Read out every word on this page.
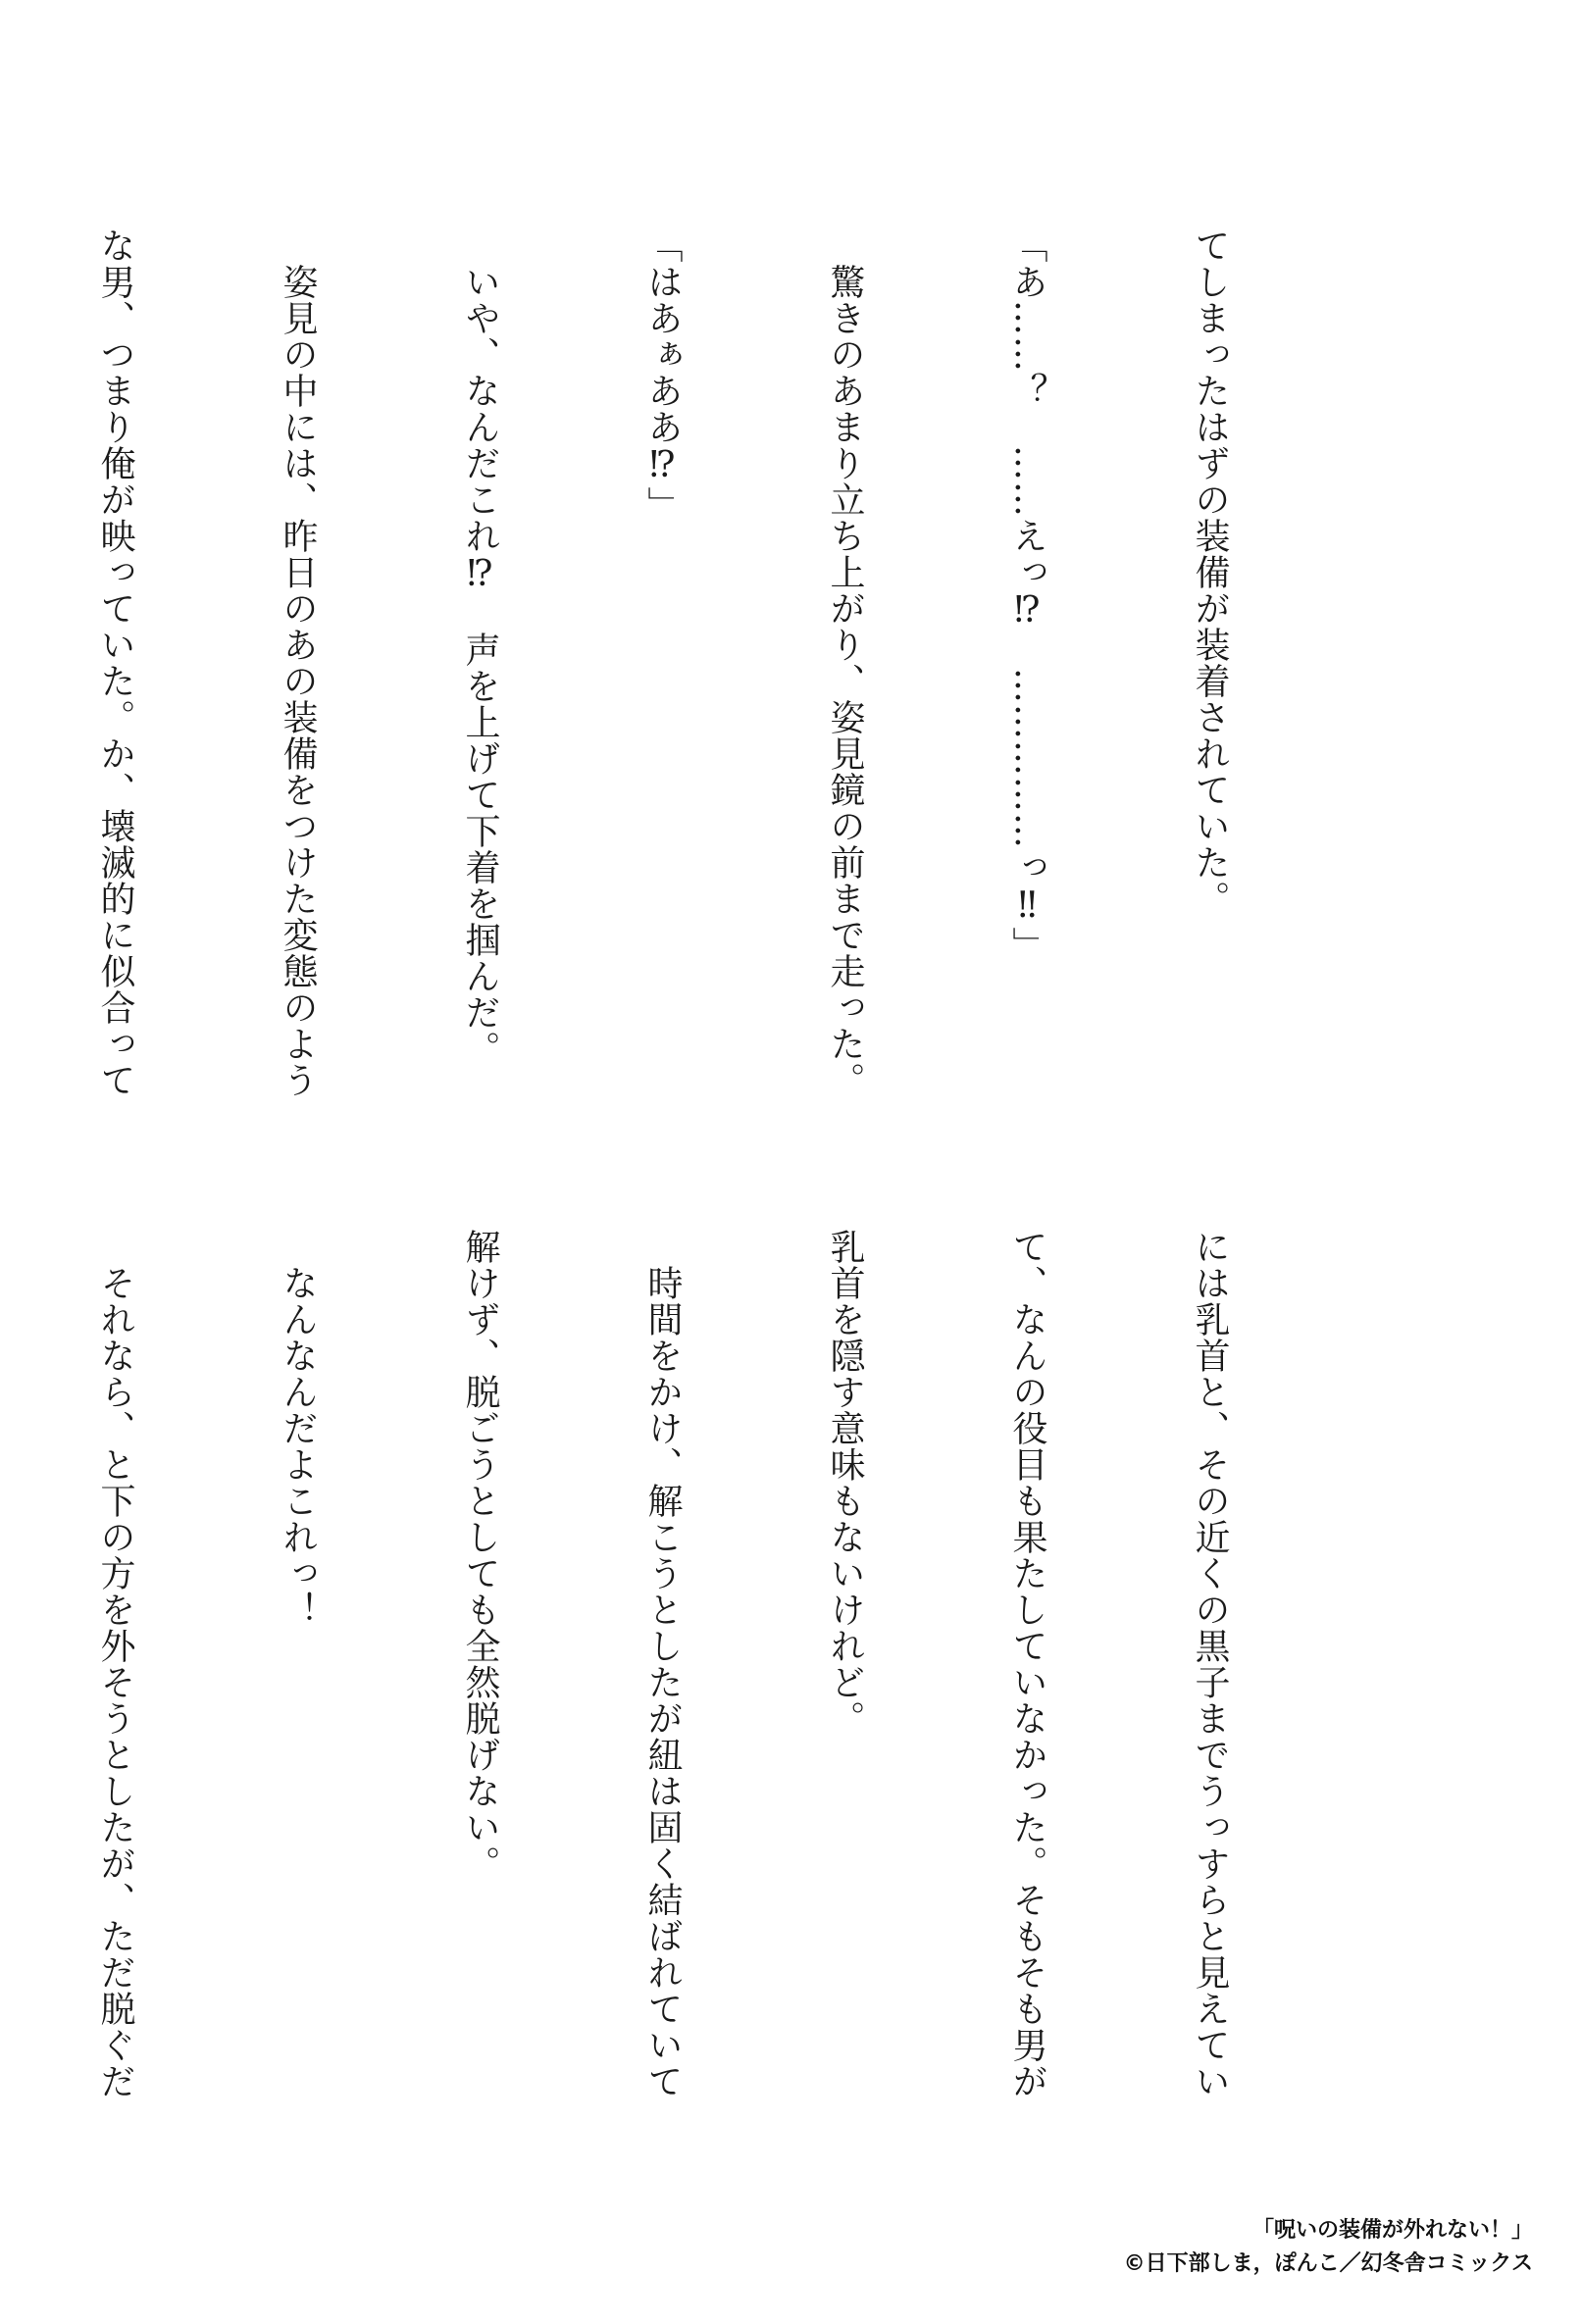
てしまったはずの装備が装着されていた。

「あ……？　……えっ⁉　……………っ‼」

　驚きのあまり立ち上がり、姿見鏡の前まで走った。

「はあぁああ⁉」

　いや、なんだこれ⁉　声を上げて下着を掴んだ。

　姿見の中には、昨日のあの装備をつけた変態のよう

な男、つまり俺が映っていた。か、壊滅的に似合って

には乳首と、その近くの黒子までうっすらと見えてい

て、なんの役目も果たしていなかった。そもそも男が

乳首を隠す意味もないけれど。

　時間をかけ、解こうとしたが紐は固く結ばれていて

解けず、脱ごうとしても全然脱げない。

　なんなんだよこれっ！

　それなら、と下の方を外そうとしたが、ただ脱ぐだ

「呪いの装備が外れない！」
©日下部しま，ぽんこ／幻冬舎コミックス
